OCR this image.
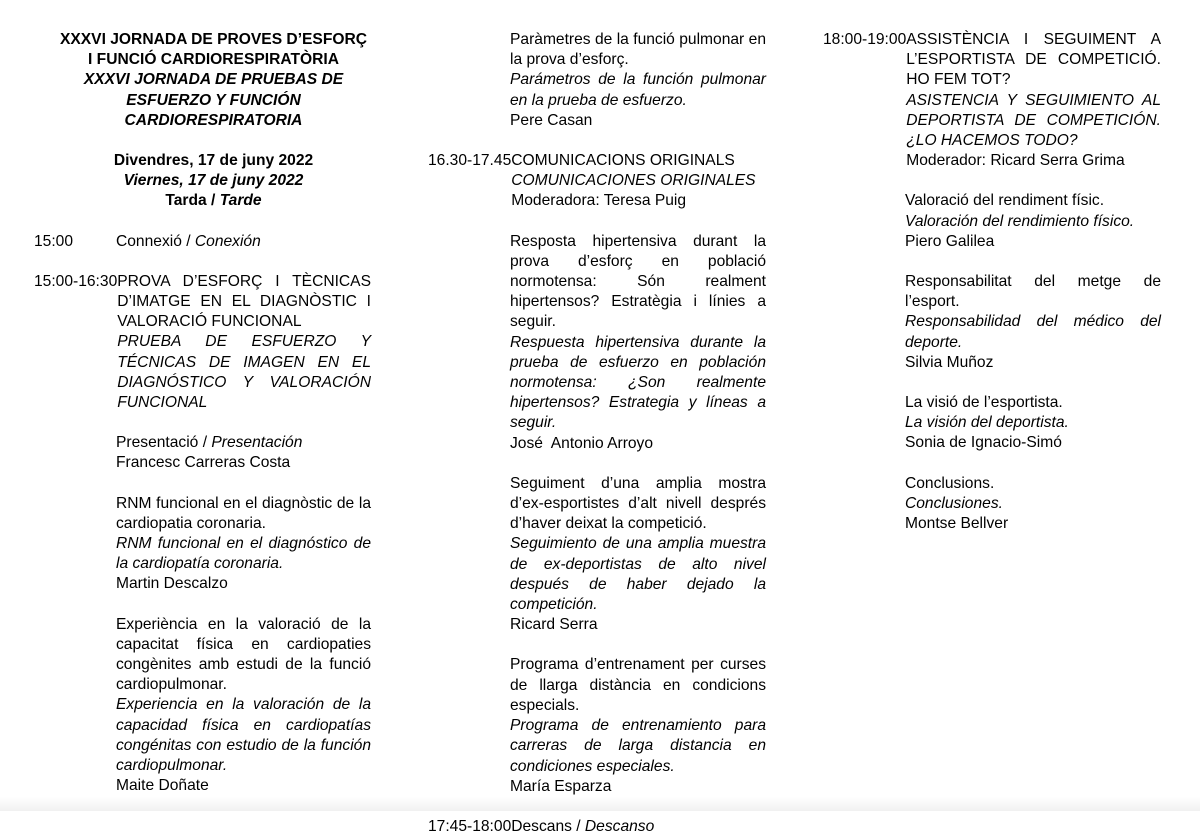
XXXVI JORNADA DE PROVES D’ESFORÇ I FUNCIÓ CARDIORESPIRATÒRIA

XXXVI JORNADA DE PRUEBAS DE ESFUERZO Y FUNCIÓN CARDIORESPIRATORIA

Divendres, 17 de juny 2022

Viernes, 17 de juny 2022

Tarda / Tarde

15:00	Connexió / Conexión

15:00-16:30 PROVA D’ESFORÇ I TÈCNICAS D’IMATGE EN EL DIAGNÒSTIC I VALORACIÓ FUNCIONAL

PRUEBA DE ESFUERZO Y TÉCNICAS DE IMAGEN EN EL DIAGNÓSTICO Y VALORACIÓN FUNCIONAL

Presentació / Presentación

Francesc Carreras Costa

RNM funcional en el diagnòstic de la cardiopatia coronaria.

RNM funcional en el diagnóstico de la cardiopatía coronaria.

Martin Descalzo

Experiència en la valoració de la capacitat física en cardiopaties congènites amb estudi de la funció cardiopulmonar.

Experiencia en la valoración de la capacidad física en cardiopatías congénitas con estudio de la función cardiopulmonar.

Maite Doñate

Paràmetres de la funció pulmonar en la prova d’esforç.

Parámetros de la función pulmonar en la prueba de esfuerzo.

Pere Casan

16.30-17.45 COMUNICACIONS ORIGINALS

COMUNICACIONES ORIGINALES

Moderadora: Teresa Puig

Resposta hipertensiva durant la prova d’esforç en població normotensa: Són realment hipertensos? Estratègia i línies a seguir.

Respuesta hipertensiva durante la prueba de esfuerzo en población normotensa: ¿Son realmente hipertensos? Estrategia y líneas a seguir.

José  Antonio Arroyo

Seguiment d’una amplia mostra d’ex-esportistes d’alt nivell després d’haver deixat la competició.

Seguimiento de una amplia muestra de ex-deportistas de alto nivel después de haber dejado la competición.

Ricard Serra

Programa d’entrenament per curses de llarga distància en condicions especials.

Programa de entrenamiento para carreras de larga distancia en condiciones especiales.

María Esparza

17:45-18:00 Descans / Descanso

18:00-19:00 ASSISTÈNCIA I SEGUIMENT A L’ESPORTISTA DE COMPETICIÓ. HO FEM TOT?

ASISTENCIA Y SEGUIMIENTO AL DEPORTISTA DE COMPETICIÓN. ¿LO HACEMOS TODO?

Moderador: Ricard Serra Grima

Valoració del rendiment físic.

Valoración del rendimiento físico.

Piero Galilea

Responsabilitat del metge de l’esport.

Responsabilidad del médico del deporte.

Silvia Muñoz

La visió de l’esportista.

La visión del deportista.

Sonia de Ignacio-Simó

Conclusions.

Conclusiones.

Montse Bellver
